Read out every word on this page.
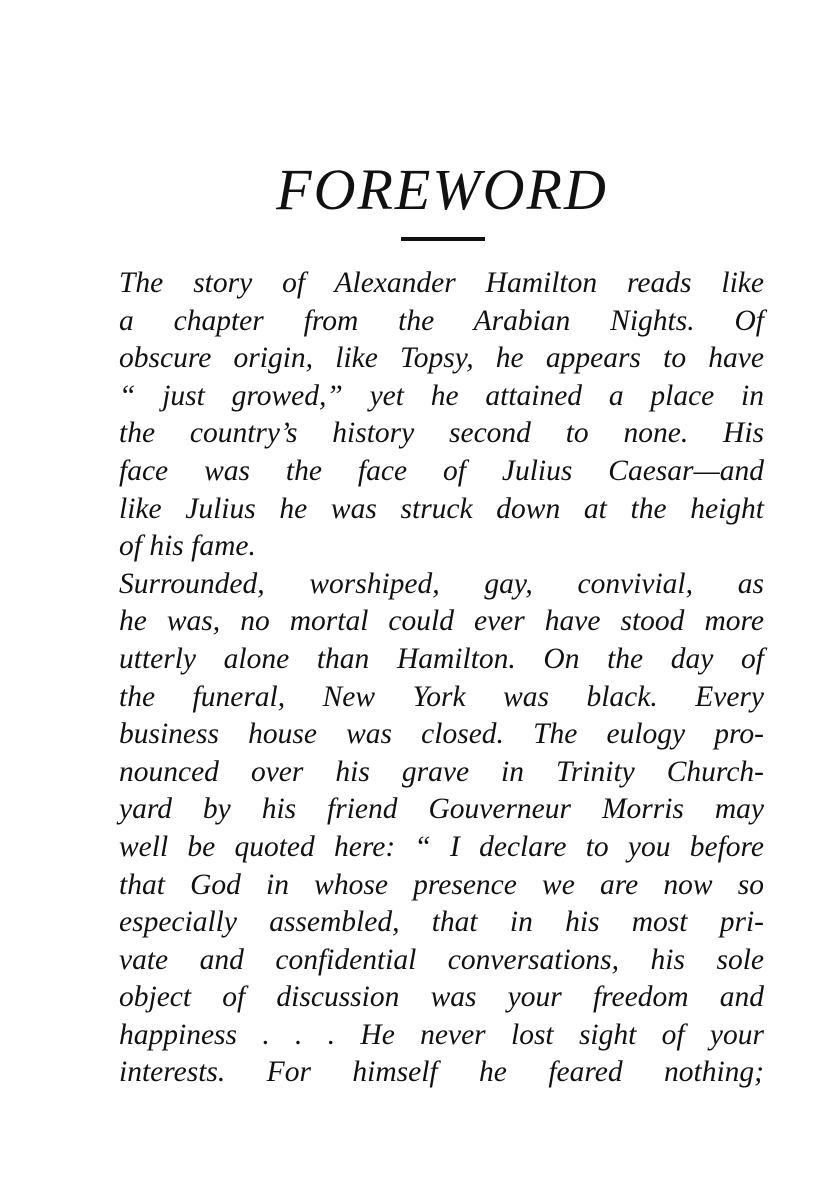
FOREWORD
The story of Alexander Hamilton reads like
a chapter from the Arabian Nights. Of
obscure origin, like Topsy, he appears to have
“ just growed,” yet he attained a place in
the country’s history second to none. His
face was the face of Julius Caesar—and
like Julius he was struck down at the height
of his fame.
Surrounded, worshiped, gay, convivial, as
he was, no mortal could ever have stood more
utterly alone than Hamilton. On the day of
the funeral, New York was black. Every
business house was closed. The eulogy pro-
nounced over his grave in Trinity Church-
yard by his friend Gouverneur Morris may
well be quoted here: “ I declare to you before
that God in whose presence we are now so
especially assembled, that in his most pri-
vate and confidential conversations, his sole
object of discussion was your freedom and
happiness . . . He never lost sight of your
interests. For himself he feared nothing;
